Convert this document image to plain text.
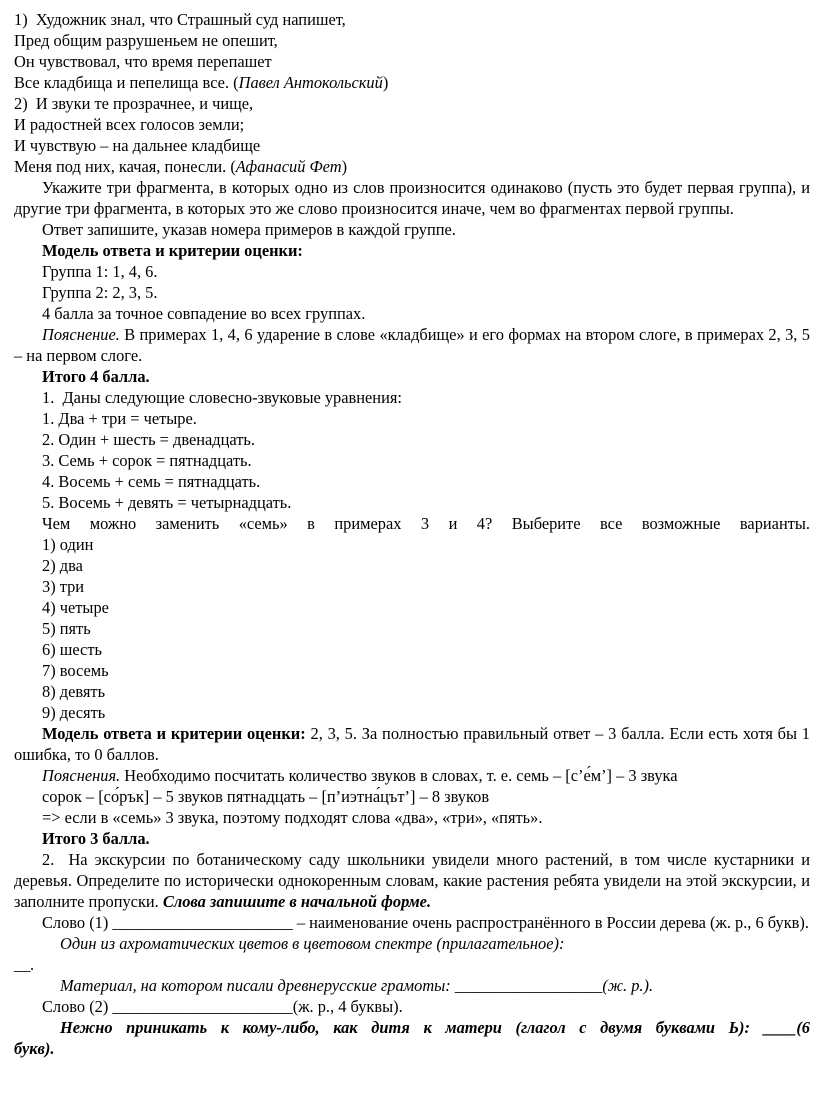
1)  Художник знал, что Страшный суд напишет,

Пред общим разрушеньем не опешит,

Он чувствовал, что время перепашет

Все кладбища и пепелища все. (Павел Антокольский)

2)  И звуки те прозрачнее, и чище,

И радостней всех голосов земли;

И чувствую – на дальнее кладбище

Меня под них, качая, понесли. (Афанасий Фет)

Укажите три фрагмента, в которых одно из слов произносится одинаково (пусть это будет первая группа), и другие три фрагмента, в которых это же слово произносится иначе, чем во фрагментах первой группы.

Ответ запишите, указав номера примеров в каждой группе.

Модель ответа и критерии оценки:

Группа 1: 1, 4, 6.

Группа 2: 2, 3, 5.

4 балла за точное совпадение во всех группах.

Пояснение. В примерах 1, 4, 6 ударение в слове «кладбище» и его формах на втором слоге, в примерах 2, 3, 5 – на первом слоге.

Итого 4 балла.

1.  Даны следующие словесно-звуковые уравнения:

1. Два + три = четыре.

2. Один + шесть = двенадцать.

3. Семь + сорок = пятнадцать.

4. Восемь + семь = пятнадцать.

5. Восемь + девять = четырнадцать.

Чем можно заменить «семь» в примерах 3 и 4? Выберите все возможные варианты.

1) один

2) два

3) три

4) четыре

5) пять

6) шесть

7) восемь

8) девять

9) десять

Модель ответа и критерии оценки: 2, 3, 5. За полностью правильный ответ – 3 балла. Если есть хотя бы 1 ошибка, то 0 баллов.

Пояснения. Необходимо посчитать количество звуков в словах, т. е. семь – [с’е́м’] – 3 звука

сорок – [со́рък] – 5 звуков пятнадцать – [п’иэтна́цът’] – 8 звуков

=> если в «семь» 3 звука, поэтому подходят слова «два», «три», «пять».

Итого 3 балла.

2.  На экскурсии по ботаническому саду школьники увидели много растений, в том числе кустарники и деревья. Определите по исторически однокоренным словам, какие растения ребята увидели на этой экскурсии, и заполните пропуски. Слова запишите в начальной форме.

Слово (1) ______________________ – наименование очень распространённого в России дерева (ж. р., 6 букв).

Один из ахроматических цветов в цветовом спектре (прилагательное):

__.

Материал, на котором писали древнерусские грамоты: __________________(ж. р.).

Слово (2) ______________________(ж. р., 4 буквы).

Нежно приникать к кому-либо, как дитя к матери (глагол с двумя буквами Ь): ____(6

букв).
